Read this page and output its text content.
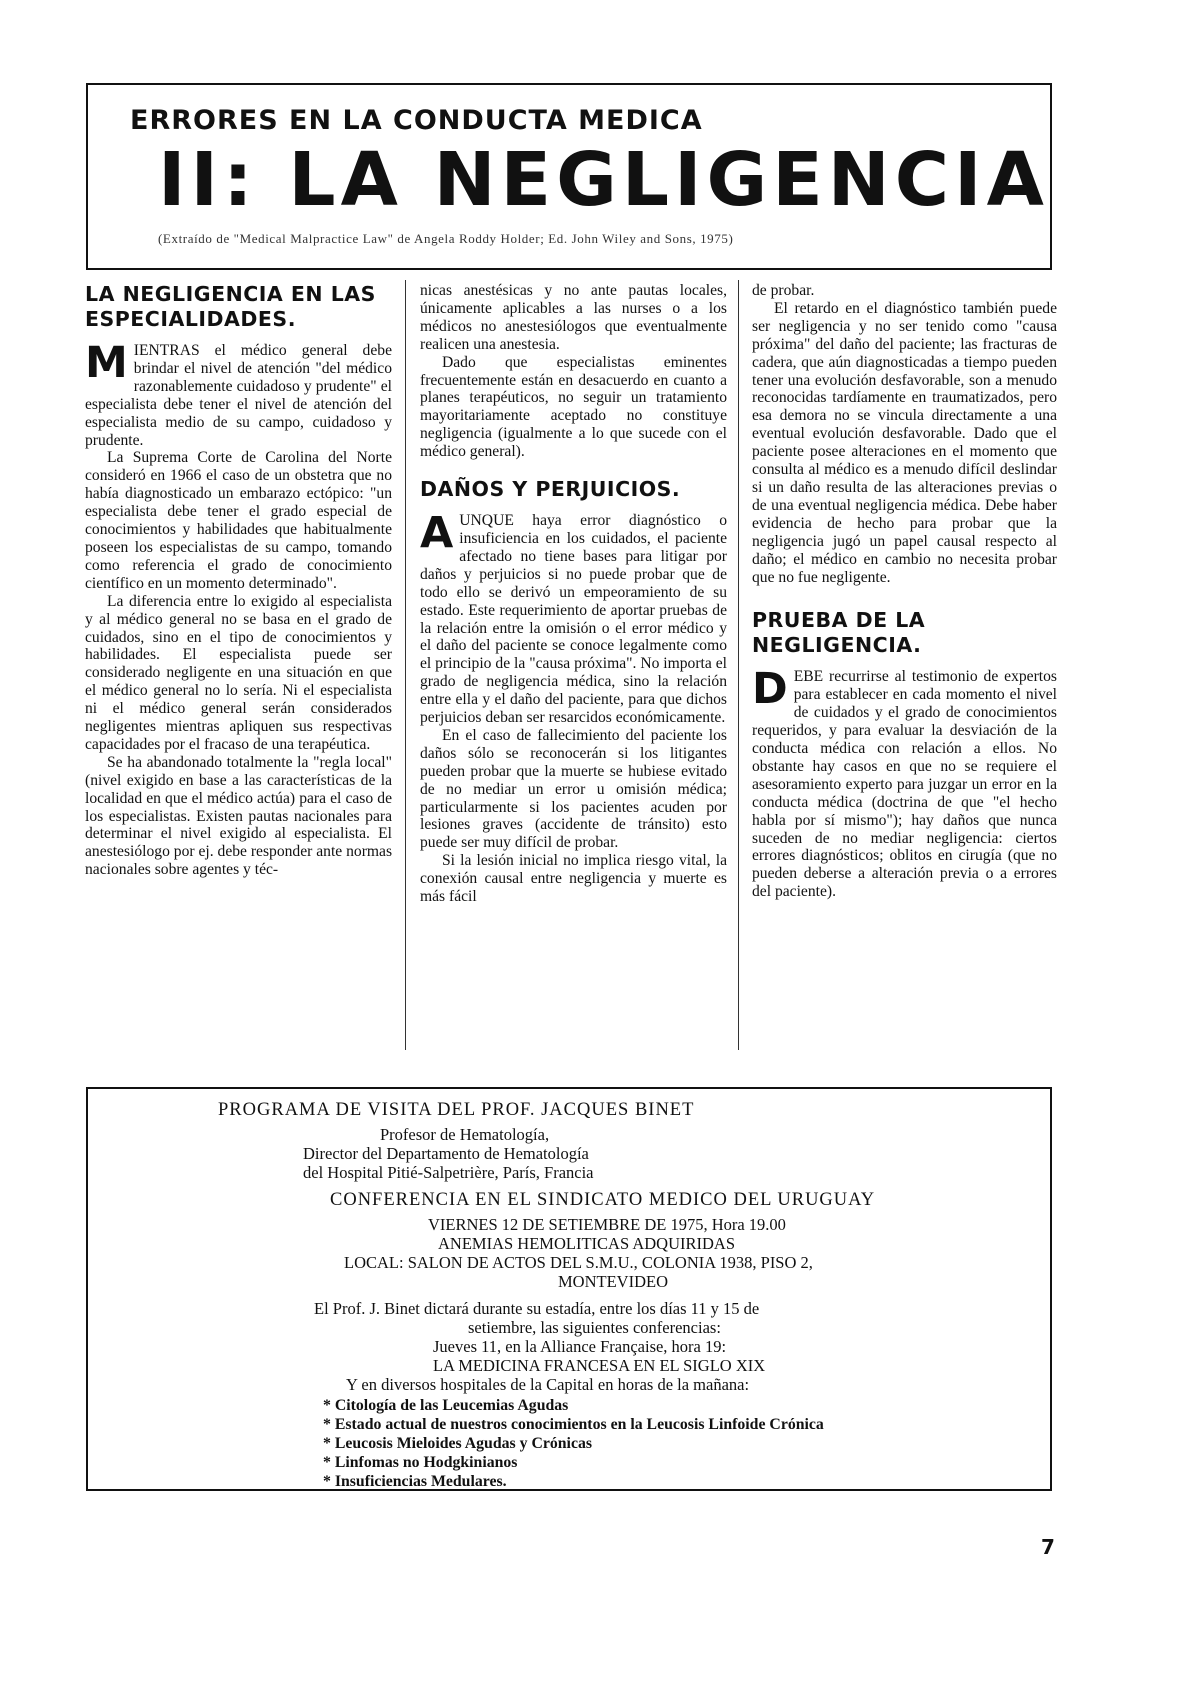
ERRORES EN LA CONDUCTA MEDICA
II: LA NEGLIGENCIA
(Extraído de "Medical Malpractice Law" de Angela Roddy Holder; Ed. John Wiley and Sons, 1975)
LA NEGLIGENCIA EN LAS ESPECIALIDADES.

MIENTRAS el médico general debe brindar el nivel de atención "del médico razonablemente cuidadoso y prudente" el especialista debe tener el nivel de atención del especialista medio de su campo, cuidadoso y prudente.

La Suprema Corte de Carolina del Norte consideró en 1966 el caso de un obstetra que no había diagnosticado un embarazo ectópico: "un especialista debe tener el grado especial de conocimientos y habilidades que habitualmente poseen los especialistas de su campo, tomando como referencia el grado de conocimiento científico en un momento determinado".

La diferencia entre lo exigido al especialista y al médico general no se basa en el grado de cuidados, sino en el tipo de conocimientos y habilidades. El especialista puede ser considerado negligente en una situación en que el médico general no lo sería. Ni el especialista ni el médico general serán considerados negligentes mientras apliquen sus respectivas capacidades por el fracaso de una terapéutica.

Se ha abandonado totalmente la "regla local" (nivel exigido en base a las características de la localidad en que el médico actúa) para el caso de los especialistas. Existen pautas nacionales para determinar el nivel exigido al especialista. El anestesiólogo por ej. debe responder ante normas nacionales sobre agentes y téc-

nicas anestésicas y no ante pautas locales, únicamente aplicables a las nurses o a los médicos no anestesiólogos que eventualmente realicen una anestesia.

Dado que especialistas eminentes frecuentemente están en desacuerdo en cuanto a planes terapéuticos, no seguir un tratamiento mayoritariamente aceptado no constituye negligencia (igualmente a lo que sucede con el médico general).

DAÑOS Y PERJUICIOS.

AUNQUE haya error diagnóstico o insuficiencia en los cuidados, el paciente afectado no tiene bases para litigar por daños y perjuicios si no puede probar que de todo ello se derivó un empeoramiento de su estado. Este requerimiento de aportar pruebas de la relación entre la omisión o el error médico y el daño del paciente se conoce legalmente como el principio de la "causa próxima". No importa el grado de negligencia médica, sino la relación entre ella y el daño del paciente, para que dichos perjuicios deban ser resarcidos económicamente.

En el caso de fallecimiento del paciente los daños sólo se reconocerán si los litigantes pueden probar que la muerte se hubiese evitado de no mediar un error u omisión médica; particularmente si los pacientes acuden por lesiones graves (accidente de tránsito) esto puede ser muy difícil de probar.

Si la lesión inicial no implica riesgo vital, la conexión causal entre negligencia y muerte es más fácil

de probar.

El retardo en el diagnóstico también puede ser negligencia y no ser tenido como "causa próxima" del daño del paciente; las fracturas de cadera, que aún diagnosticadas a tiempo pueden tener una evolución desfavorable, son a menudo reconocidas tardíamente en traumatizados, pero esa demora no se vincula directamente a una eventual evolución desfavorable. Dado que el paciente posee alteraciones en el momento que consulta al médico es a menudo difícil deslindar si un daño resulta de las alteraciones previas o de una eventual negligencia médica. Debe haber evidencia de hecho para probar que la negligencia jugó un papel causal respecto al daño; el médico en cambio no necesita probar que no fue negligente.

PRUEBA DE LA NEGLIGENCIA.

DEBE recurrirse al testimonio de expertos para establecer en cada momento el nivel de cuidados y el grado de conocimientos requeridos, y para evaluar la desviación de la conducta médica con relación a ellos. No obstante hay casos en que no se requiere el asesoramiento experto para juzgar un error en la conducta médica (doctrina de que "el hecho habla por sí mismo"); hay daños que nunca suceden de no mediar negligencia: ciertos errores diagnósticos; oblitos en cirugía (que no pueden deberse a alteración previa o a errores del paciente).

PROGRAMA DE VISITA DEL PROF. JACQUES BINET
Profesor de Hematología,
Director del Departamento de Hematología
del Hospital Pitié-Salpetrière, París, Francia
CONFERENCIA EN EL SINDICATO MEDICO DEL URUGUAY
VIERNES 12 DE SETIEMBRE DE 1975, Hora 19.00
ANEMIAS HEMOLITICAS ADQUIRIDAS
LOCAL: SALON DE ACTOS DEL S.M.U., COLONIA 1938, PISO 2,
MONTEVIDEO
El Prof. J. Binet dictará durante su estadía, entre los días 11 y 15 de
setiembre, las siguientes conferencias:
Jueves 11, en la Alliance Française, hora 19:
LA MEDICINA FRANCESA EN EL SIGLO XIX
Y en diversos hospitales de la Capital en horas de la mañana:
* Citología de las Leucemias Agudas
* Estado actual de nuestros conocimientos en la Leucosis Linfoide Crónica
* Leucosis Mieloides Agudas y Crónicas
* Linfomas no Hodgkinianos
* Insuficiencias Medulares.
7
